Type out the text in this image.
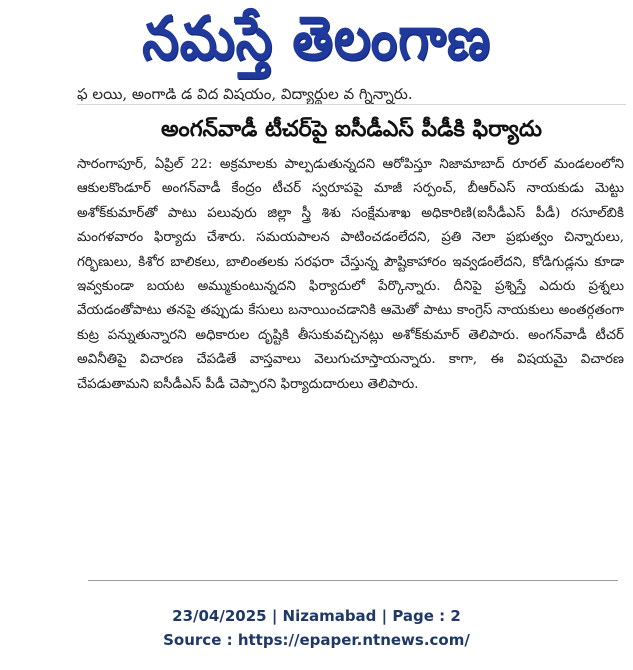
నమస్తే తెలంగాణ
ఫ లయి, అంగాడి డ విద విషయం, విద్యార్థుల వ గ్నిన్నారు.
అంగన్‌వాడీ టీచర్‌పై ఐసీడీఎస్‌ పీడీకి ఫిర్యాదు

సారంగాపూర్‌, ఏప్రిల్‌ 22: అక్రమాలకు పాల్పడుతున్నదని ఆరోపిస్తూ నిజామాబాద్‌ రూరల్‌ మండలంలోని ఆకులకొండూర్‌ అంగన్‌వాడీ కేంద్రం టీచర్‌ స్వరూపపై మాజీ సర్పంచ్‌, బీఆర్‌ఎస్‌ నాయకుడు మెట్టు అశోక్‌కుమార్‌తో పాటు పలువురు జిల్లా స్త్రీ శిశు సంక్షేమశాఖ అధికారిణి(ఐసీడీఎస్‌ పీడీ) రసూల్‌బికి మంగళవారం ఫిర్యాదు చేశారు. సమయపాలన పాటించడంలేదని, ప్రతి నెలా ప్రభుత్వం చిన్నారులు, గర్భిణులు, కిశోర బాలికలు, బాలింతలకు సరఫరా చేస్తున్న పౌష్టికాహారం ఇవ్వడంలేదని, కోడిగుడ్లను కూడా ఇవ్వకుండా బయట అమ్ముకుంటున్నదని ఫిర్యాదులో పేర్కొన్నారు. దీనిపై ప్రశ్నిస్తే ఎదురు ప్రశ్నలు వేయడంతోపాటు తనపై తప్పుడు కేసులు బనాయించడానికి ఆమెతో పాటు కాంగ్రెస్‌ నాయకులు అంతర్గతంగా కుట్ర పన్నుతున్నారని అధికారుల దృష్టికి తీసుకువచ్చినట్లు అశోక్‌కుమార్‌ తెలిపారు. అంగన్‌వాడీ టీచర్‌ అవినీతిపై విచారణ చేపడితే వాస్తవాలు వెలుగుచూస్తాయన్నారు. కాగా, ఈ విషయమై విచారణ చేపడుతామని ఐసీడీఎస్‌ పీడీ చెప్పారని ఫిర్యాదుదారులు తెలిపారు.

23/04/2025 | Nizamabad | Page : 2
Source : https://epaper.ntnews.com/
